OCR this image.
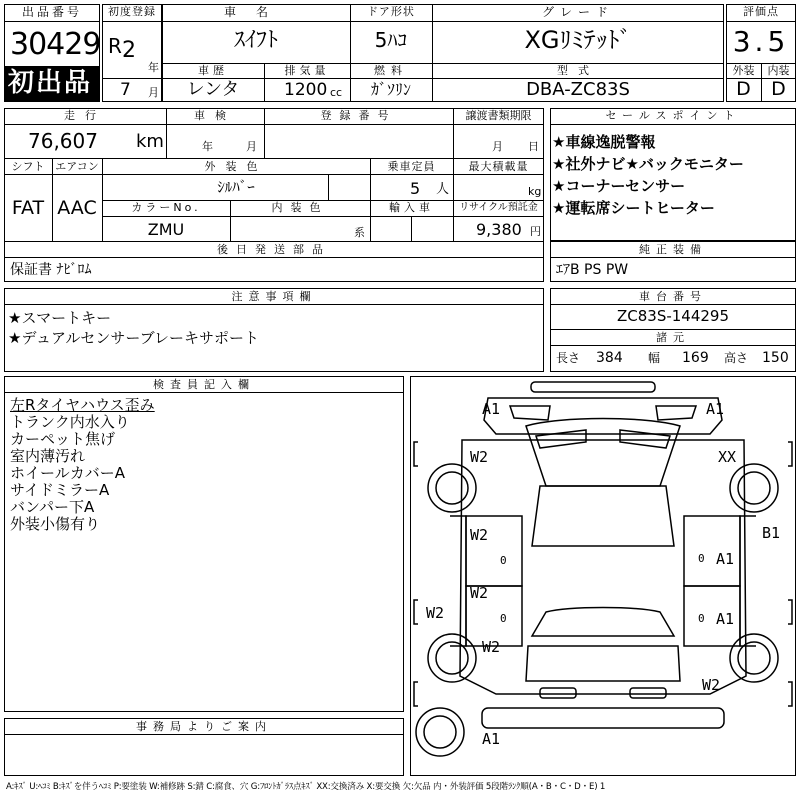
出品番号
30429
初出品
初度登録
R 2
年
7 月
車名
ｽｲﾌﾄ
ドア形状
5ﾊｺ
グレード
XGﾘﾐﾃｯﾄﾞ
車歴
レンタ
排気量
1200 cc
燃料
ｶﾞｿﾘﾝ
型式
DBA-ZC83S
評価点
3.5
外装	内装
D	D
走行
76,607 km
車検
年	月
登録番号	譲渡書類期限
月 日
シフト
FAT
エアコン
AAC
外装色
ｼﾙﾊﾞｰ
乗車定員
5 人
最大積載量
kg
カラーNo.
ZMU
内装色
系
輸入車	リサイクル預託金
9,380 円
後日発送部品
保証書 ﾅﾋﾞﾛﾑ
セールスポイント
★車線逸脱警報
★社外ナビ★バックモニター
★コーナーセンサー
★運転席シートヒーター
純正装備
ｴｱB PS PW
注意事項欄
★スマートキー
★デュアルセンサーブレーキサポート
車台番号
ZC83S-144295
諸元
長さ 384 幅 169 高さ 150
検査員記入欄
左Rタイヤハウス歪み
トランク内水入り
カーペット焦げ
室内薄汚れ
ホイールカバーA
サイドミラーA
バンパー下A
外装小傷有り
事務局よりご案内
A1	A1
W2	XX
W2
0
W2
0
A1
0
A1
0
B1
W2
W2
W2
A1
A:ｷｽﾞ U:ﾍｺﾐ B:ｷｽﾞを伴うﾍｺﾐ P:要塗装 W:補修跡 S:錆 C:腐食、穴 G:ﾌﾛﾝﾄｶﾞﾗｽ点ｷｽﾞ XX:交換済み X:要交換 欠:欠品 内・外装評価 5段階ﾗﾝｸ順(A・B・C・D・E) 1
